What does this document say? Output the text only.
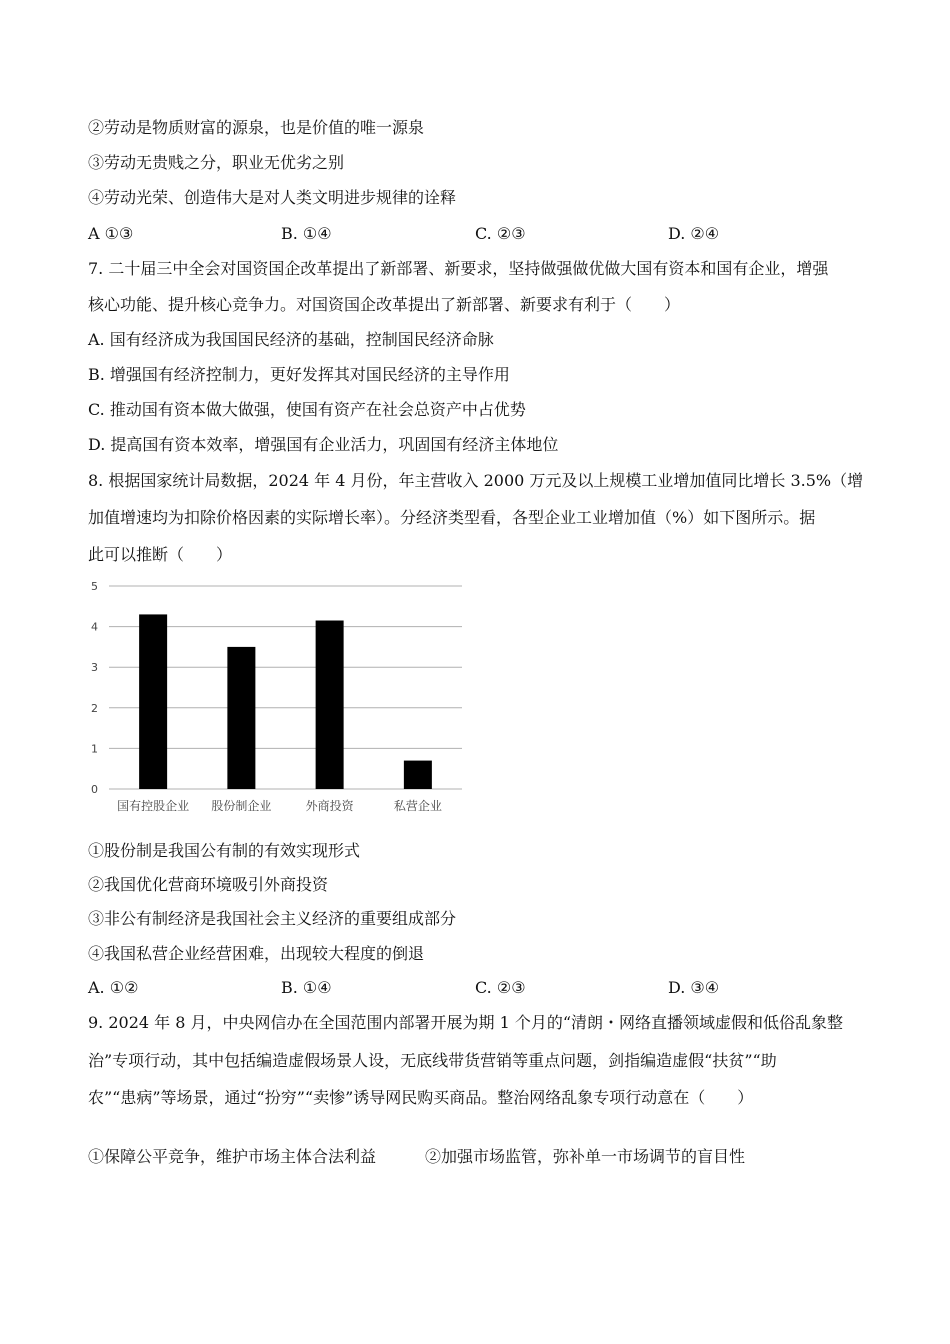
②劳动是物质财富的源泉，也是价值的唯一源泉
③劳动无贵贱之分，职业无优劣之别
④劳动光荣、创造伟大是对人类文明进步规律的诠释
A ①③	B. ①④	C. ②③	D. ②④
7. 二十届三中全会对国资国企改革提出了新部署、新要求，坚持做强做优做大国有资本和国有企业，增强
核心功能、提升核心竞争力。对国资国企改革提出了新部署、新要求有利于（　　）
A. 国有经济成为我国国民经济的基础，控制国民经济命脉
B. 增强国有经济控制力，更好发挥其对国民经济的主导作用
C. 推动国有资本做大做强，使国有资产在社会总资产中占优势
D. 提高国有资本效率，增强国有企业活力，巩固国有经济主体地位
8. 根据国家统计局数据，2024 年 4 月份，年主营收入 2000 万元及以上规模工业增加值同比增长 3.5%（增
加值增速均为扣除价格因素的实际增长率）。分经济类型看，各型企业工业增加值（%）如下图所示。据
此可以推断（　　）
0
1
2
3
4
5
国有控股企业 股份制企业	外商投资	私营企业
①股份制是我国公有制的有效实现形式
②我国优化营商环境吸引外商投资
③非公有制经济是我国社会主义经济的重要组成部分
④我国私营企业经营困难，出现较大程度的倒退
A. ①②	B. ①④	C. ②③	D. ③④
9. 2024 年 8 月，中央网信办在全国范围内部署开展为期 1 个月的“清朗・网络直播领域虚假和低俗乱象整
治”专项行动，其中包括编造虚假场景人设，无底线带货营销等重点问题，剑指编造虚假“扶贫”“助
农”“患病”等场景，通过“扮穷”“卖惨”诱导网民购买商品。整治网络乱象专项行动意在（　　）
①保障公平竞争，维护市场主体合法利益	②加强市场监管，弥补单一市场调节的盲目性
